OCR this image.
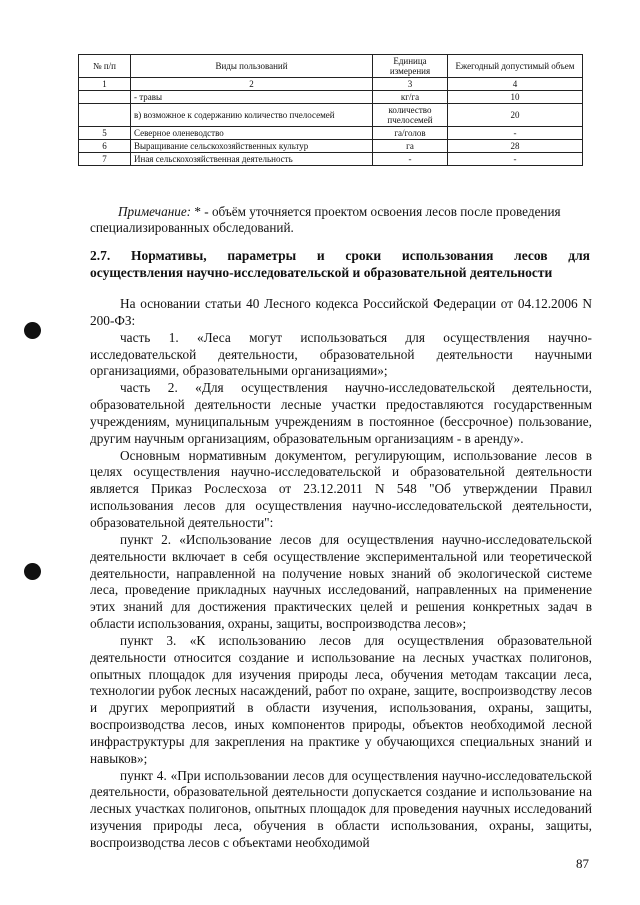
№ п/п	Виды пользований	Единица измерения	Ежегодный допустимый объем
1	2	3	4
	- травы	кг/га	10
	в) возможное к содержанию количество пчелосемей	количество пчелосемей	20
5	Северное оленеводство	га/голов	-
6	Выращивание сельскохозяйственных культур	га	28
7	Иная сельскохозяйственная деятельность	-	-
Примечание: * - объём уточняется проектом освоения лесов после проведения
специализированных обследований.
2.7. Нормативы, параметры и сроки использования лесов для
осуществления научно-исследовательской и образовательной деятельности

На основании статьи 40 Лесного кодекса Российской Федерации от 04.12.2006 N 200-ФЗ:

часть 1. «Леса могут использоваться для осуществления научно-исследовательской деятельности, образовательной деятельности научными организациями, образовательными организациями»;

часть 2. «Для осуществления научно-исследовательской деятельности, образовательной деятельности лесные участки предоставляются государственным учреждениям, муниципальным учреждениям в постоянное (бессрочное) пользование, другим научным организациям, образовательным организациям - в аренду».

Основным нормативным документом, регулирующим, использование лесов в целях осуществления научно-исследовательской и образовательной деятельности является Приказ Рослесхоза от 23.12.2011 N 548 "Об утверждении Правил использования лесов для осуществления научно-исследовательской деятельности, образовательной деятельности":

пункт 2. «Использование лесов для осуществления научно-исследовательской деятельности включает в себя осуществление экспериментальной или теоретической деятельности, направленной на получение новых знаний об экологической системе леса, проведение прикладных научных исследований, направленных на применение этих знаний для достижения практических целей и решения конкретных задач в области использования, охраны, защиты, воспроизводства лесов»;

пункт 3. «К использованию лесов для осуществления образовательной деятельности относится создание и использование на лесных участках полигонов, опытных площадок для изучения природы леса, обучения методам таксации леса, технологии рубок лесных насаждений, работ по охране, защите, воспроизводству лесов и других мероприятий в области изучения, использования, охраны, защиты, воспроизводства лесов, иных компонентов природы, объектов необходимой лесной инфраструктуры для закрепления на практике у обучающихся специальных знаний и навыков»;

пункт 4. «При использовании лесов для осуществления научно-исследовательской деятельности, образовательной деятельности допускается создание и использование на лесных участках полигонов, опытных площадок для проведения научных исследований изучения природы леса, обучения в области использования, охраны, защиты, воспроизводства лесов с объектами необходимой

87
